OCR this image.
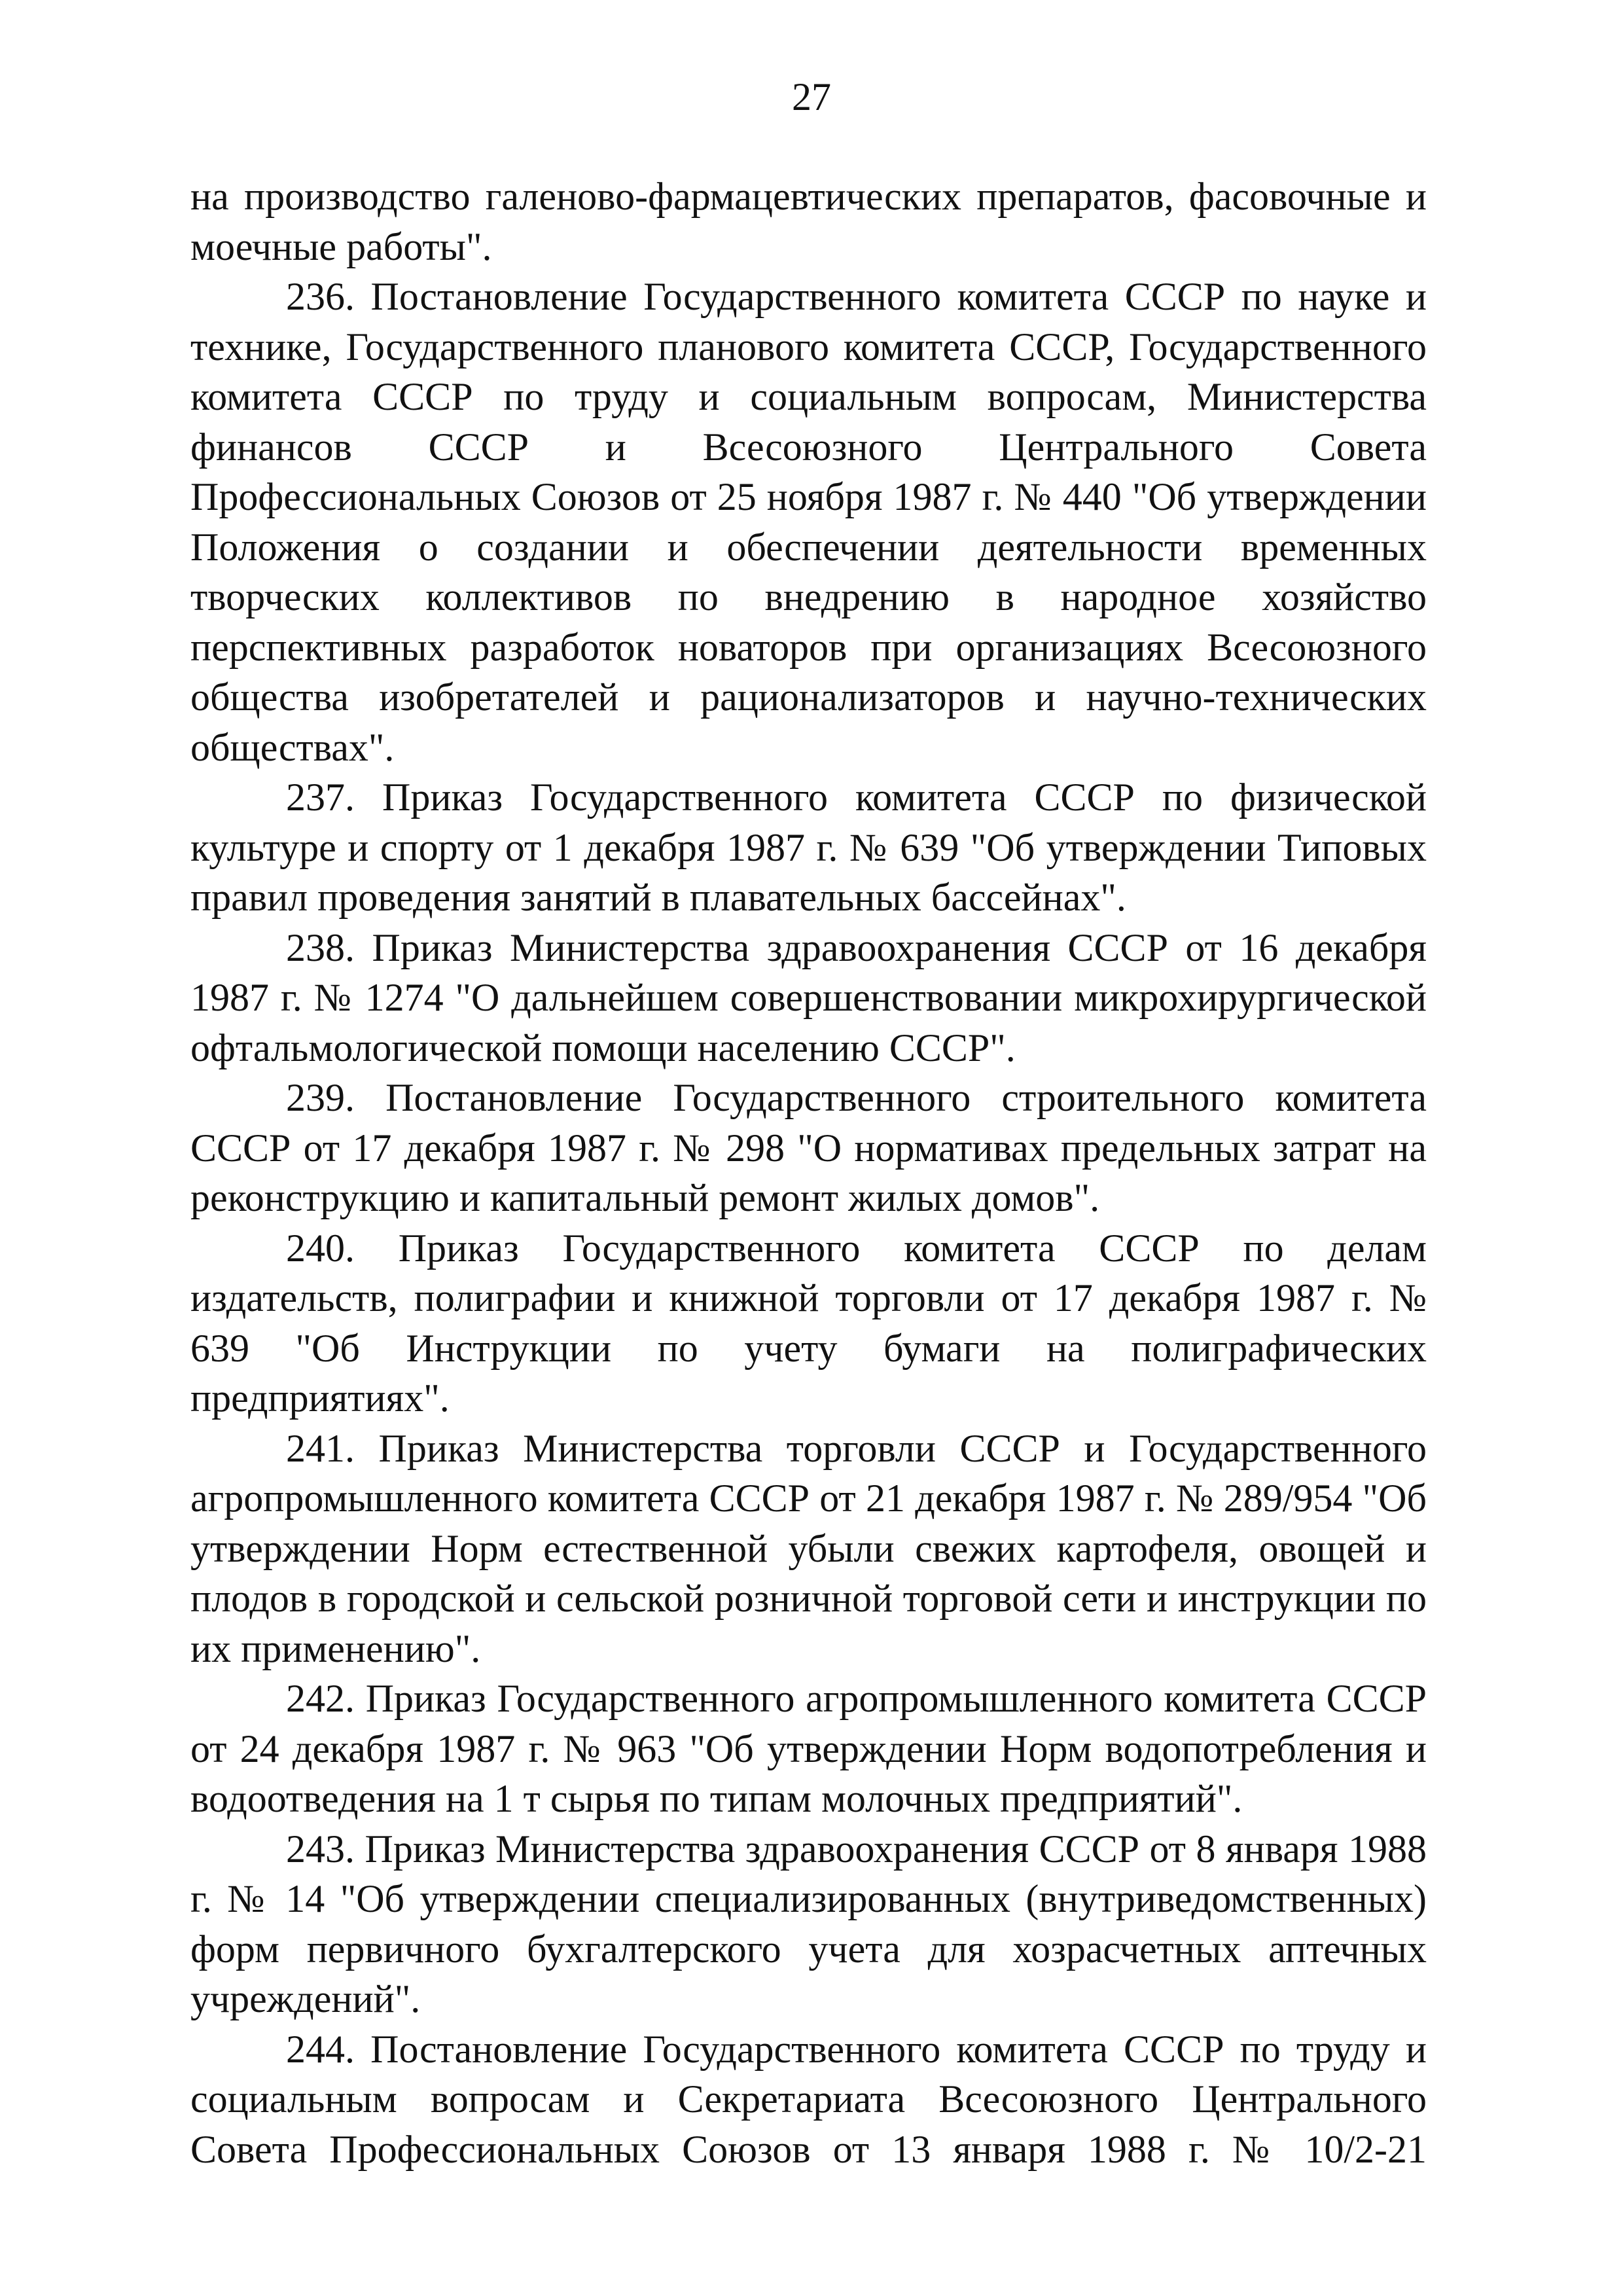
27

на производство галеново-фармацевтических препаратов, фасовочные и моечные работы".

236. Постановление Государственного комитета СССР по науке и технике, Государственного планового комитета СССР, Государственного комитета СССР по труду и социальным вопросам, Министерства финансов СССР и Всесоюзного Центрального Совета Профессиональных Союзов от 25 ноября 1987 г. № 440 "Об утверждении Положения о создании и обеспечении деятельности временных творческих коллективов по внедрению в народное хозяйство перспективных разработок новаторов при организациях Всесоюзного общества изобретателей и рационализаторов и научно-технических обществах".

237. Приказ Государственного комитета СССР по физической культуре и спорту от 1 декабря 1987 г. № 639 "Об утверждении Типовых правил проведения занятий в плавательных бассейнах".

238. Приказ Министерства здравоохранения СССР от 16 декабря 1987 г. № 1274 "О дальнейшем совершенствовании микрохирургической офтальмологической помощи населению СССР".

239. Постановление Государственного строительного комитета СССР от 17 декабря 1987 г. № 298 "О нормативах предельных затрат на реконструкцию и капитальный ремонт жилых домов".

240. Приказ Государственного комитета СССР по делам издательств, полиграфии и книжной торговли от 17 декабря 1987 г. № 639 "Об Инструкции по учету бумаги на полиграфических предприятиях".

241. Приказ Министерства торговли СССР и Государственного агропромышленного комитета СССР от 21 декабря 1987 г. № 289/954 "Об утверждении Норм естественной убыли свежих картофеля, овощей и плодов в городской и сельской розничной торговой сети и инструкции по их применению".

242. Приказ Государственного агропромышленного комитета СССР от 24 декабря 1987 г. № 963 "Об утверждении Норм водопотребления и водоотведения на 1 т сырья по типам молочных предприятий".

243. Приказ Министерства здравоохранения СССР от 8 января 1988 г. № 14 "Об утверждении специализированных (внутриведомственных) форм первичного бухгалтерского учета для хозрасчетных аптечных учреждений".

244. Постановление Государственного комитета СССР по труду и социальным вопросам и Секретариата Всесоюзного Центрального Совета Профессиональных Союзов от 13 января 1988 г. № 10/2-21
